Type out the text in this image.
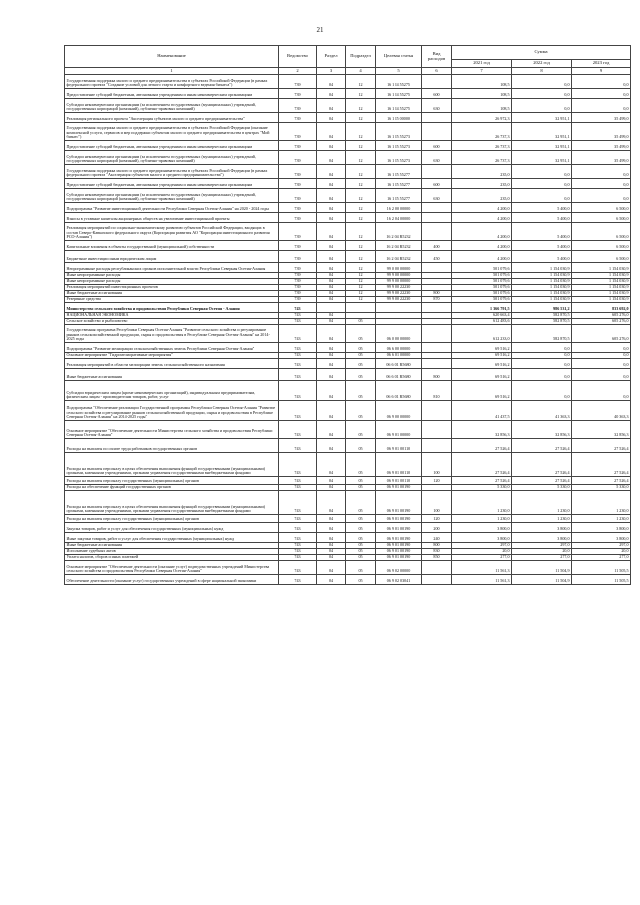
21
Наименование	Ведомство	Раздел	Подраздел	Целевая статья	Вид расходов	Сумма		
						2021 год	2022 год	2023 год
1	2	3	4	5	6	7	8	9
Государственная поддержка малого и среднего предпринимательства в субъектах Российской Федерации (в рамках федерального проекта "Создание условий для легкого старта и комфортного ведения бизнеса")	739	04	12	16 1 I4 55275		108,5	0,0	0,0
Предоставление субсидий бюджетным, автономным учреждениям и иным некоммерческим организациям	739	04	12	16 1 I4 55275	600	108,5	0,0	0,0
Субсидии некоммерческим организациям (за исключением государственных (муниципальных) учреждений, государственных корпораций (компаний), публично-правовых компаний)	739	04	12	16 1 I4 55275	630	108,5	0,0	0,0
Реализация регионального проекта "Акселерация субъектов малого и среднего предпринимательства"	739	04	12	16 1 I5 00000		26 972,3	32 951,1	35 499,0
Государственная поддержка малого и среднего предпринимательства в субъектах Российской Федерации (оказание комплексной услуги, сервисов и мер поддержки субъектам малого и среднего предпринимательства в центрах "Мой бизнес")	739	04	12	16 1 I5 55273		26 737,3	32 951,1	35 499,0
Предоставление субсидий бюджетным, автономным учреждениям и иным некоммерческим организациям	739	04	12	16 1 I5 55273	600	26 737,3	32 951,1	35 499,0
Субсидии некоммерческим организациям (за исключением государственных (муниципальных) учреждений, государственных корпораций (компаний), публично-правовых компаний)	739	04	12	16 1 I5 55273	630	26 737,3	32 951,1	35 499,0
Государственная поддержка малого и среднего предпринимательства в субъектах Российской Федерации (в рамках федерального проекта "Акселерация субъектов малого и среднего предпринимательства")	739	04	12	16 1 I5 55277		235,0	0,0	0,0
Предоставление субсидий бюджетным, автономным учреждениям и иным некоммерческим организациям	739	04	12	16 1 I5 55277	600	235,0	0,0	0,0
Субсидии некоммерческим организациям (за исключением государственных (муниципальных) учреждений, государственных корпораций (компаний), публично-правовых компаний)	739	04	12	16 1 I5 55277	630	235,0	0,0	0,0
Подпрограмма "Развитие инвестиционной деятельности Республики Северная Осетия-Алания" на 2020 - 2024 годы	739	04	12	16 2 00 00000		4 200,0	5 400,0	6 500,0
Взносы в уставные капиталы акционерных обществ на увеличение инвестиционной проекты	739	04	12	16 2 04 00000		4 200,0	5 400,0	6 500,0
Реализация мероприятий по социально-экономическому развитию субъектов Российской Федерации, входящих в состав Северо-Кавказского федерального округа (Корпорация развития АО "Корпорация инвестиционного развития РСО-Алания")	739	04	12	16 2 04 R5232		4 200,0	5 400,0	6 500,0
Капитальные вложения в объекты государственной (муниципальной) собственности	739	04	12	16 2 04 R5232	400	4 200,0	5 400,0	6 500,0
Бюджетные инвестиции иным юридическим лицам	739	04	12	16 2 04 R5232	450	4 200,0	5 400,0	6 500,0
Непрограммные расходы республиканских органов исполнительной власти Республики Северная Осетия-Алания	739	04	12	99 0 00 00000		501 079,6	1 154 030,9	1 154 030,9
Иные непрограммные расходы	739	04	12	99 9 00 00000		501 079,6	1 154 030,9	1 154 030,9
Иные непрограммные расходы	739	04	12	99 9 00 00000		501 079,6	1 154 030,9	1 154 030,9
Реализация мероприятий инвестиционных проектов	739	04	12	99 9 00 22230		501 079,6	1 154 030,9	1 154 030,9
Иные бюджетные ассигнования	739	04	12	99 9 00 22230	800	501 079,6	1 154 030,9	1 154 030,9
Резервные средства	739	04	12	99 9 00 22230	870	501 079,6	1 154 030,9	1 154 030,9
Министерство сельского хозяйства и продовольствия Республики Северная Осетия - Алания	743					1 366 791,5	986 531,2	833 692,0
НАЦИОНАЛЬНАЯ ЭКОНОМИКА	743	04				620 663,4	582 870,5	605 276,0
Сельское хозяйство и рыболовство	743	04	05			612 483,6	582 870,5	605 276,0
Государственная программа Республики Северная Осетия-Алания "Развитие сельского хозяйства и регулирование рынков сельскохозяйственной продукции, сырья и продовольствия в Республике Северная Осетия-Алания" на 2014-2025 годы	743	04	05	06 0 00 00000		612 233,0	582 870,5	605 276,0
Подпрограмма "Развитие мелиорации сельскохозяйственных земель Республики Северная Осетия-Алания"	743	04	05	06 6 00 00000		69 516,2	0,0	0,0
Основное мероприятие "Гидромелиоративные мероприятия"	743	04	05	06 6 01 00000		69 516,2	0,0	0,0
Реализация мероприятий в области мелиорации земель сельскохозяйственного назначения	743	04	05	06 6 01 R5680		69 516,2	0,0	0,0
Иные бюджетные ассигнования	743	04	05	06 6 01 R5680	800	69 516,2	0,0	0,0
Субсидии юридическим лицам (кроме некоммерческих организаций), индивидуальным предпринимателям, физическим лицам - производителям товаров, работ, услуг	743	04	05	06 6 01 R5680	810	69 516,2	0,0	0,0
Подпрограмма "Обеспечение реализации Государственной программы Республики Северная Осетия-Алания "Развитие сельского хозяйства и регулирование рынков сельскохозяйственной продукции, сырья и продовольствия в Республике Северная Осетия-Алания" на 2014-2025 годы"	743	04	05	06 9 00 00000		41 437,5	41 363,3	40 363,3
Основное мероприятие "Обеспечение деятельности Министерства сельского хозяйства и продовольствия Республики Северная Осетия-Алания"	743	04	05	06 9 01 00000		32 856,3	32 856,3	32 856,3
Расходы на выплаты по оплате труда работников государственных органов	743	04	05	06 9 01 00110		27 526,4	27 526,4	27 526,4
Расходы на выплаты персоналу в целях обеспечения выполнения функций государственными (муниципальными) органами, казенными учреждениями, органами управления государственными внебюджетными фондами	743	04	05	06 9 01 00110	100	27 526,4	27 526,4	27 526,4
Расходы на выплаты персоналу государственных (муниципальных) органов	743	04	05	06 9 01 00110	120	27 526,4	27 526,4	27 526,4
Расходы на обеспечение функций государственных органов	743	04	05	06 9 01 00190		5 330,0	5 330,0	5 330,0
Расходы на выплаты персоналу в целях обеспечения выполнения функций государственными (муниципальными) органами, казенными учреждениями, органами управления государственными внебюджетными фондами	743	04	05	06 9 01 00190	100	1 230,0	1 230,0	1 230,0
Расходы на выплаты персоналу государственных (муниципальных) органов	743	04	05	06 9 01 00190	120	1 230,0	1 230,0	1 230,0
Закупка товаров, работ и услуг для обеспечения государственных (муниципальных) нужд	743	04	05	06 9 01 00190	200	3 800,0	3 800,0	3 800,0
Иные закупки товаров, работ и услуг для обеспечения государственных (муниципальных) нужд	743	04	05	06 9 01 00190	240	3 800,0	3 800,0	3 800,0
Иные бюджетные ассигнования	743	04	05	06 9 01 00190	800	297,0	297,0	297,0
Исполнение судебных актов	743	04	05	06 9 01 00190	830	20,0	20,0	20,0
Уплата налогов, сборов и иных платежей	743	04	05	06 9 01 00190	850	277,0	277,0	277,0
Основное мероприятие "Обеспечение деятельности (оказание услуг) подведомственных учреждений Министерства сельского хозяйства и продовольствия Республики Северная Осетия-Алания"	743	04	05	06 9 02 00000		11 561,3	11 504,9	11 505,5
Обеспечение деятельности (оказание услуг) государственных учреждений в сфере национальной экономики	743	04	05	06 9 02 03041		11 561,3	11 504,9	11 505,5
